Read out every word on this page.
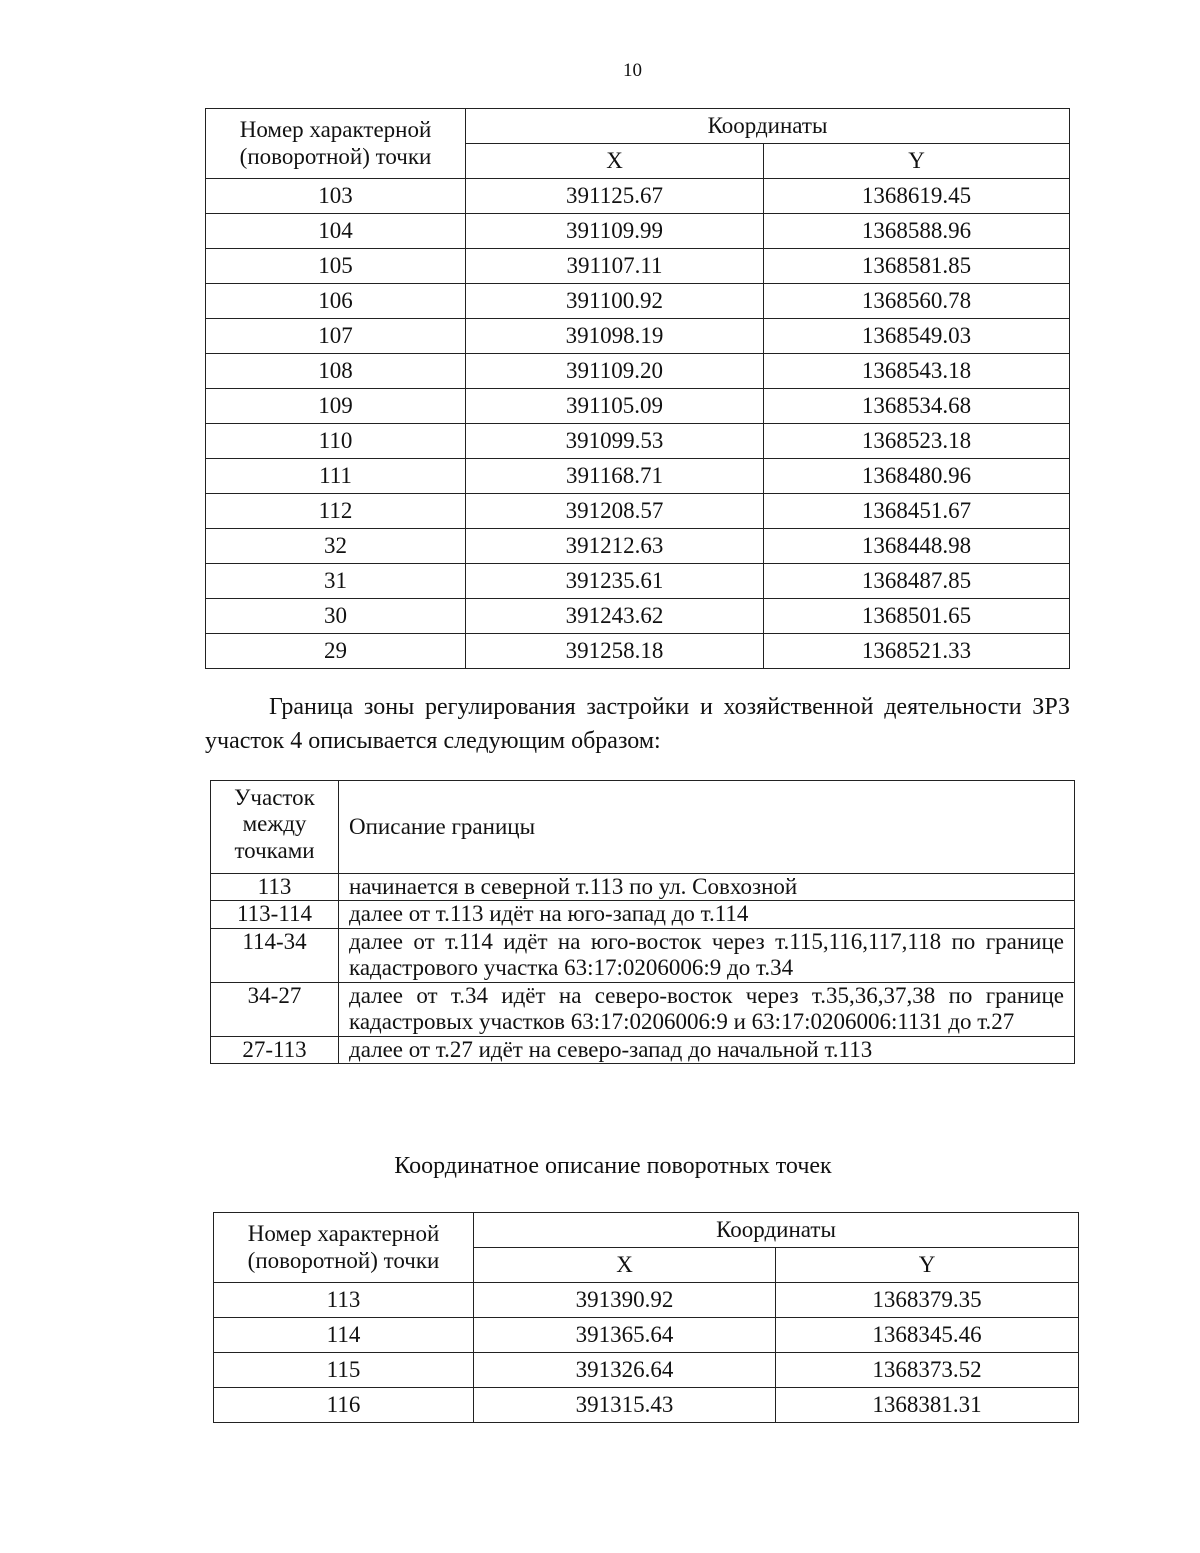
10
Номер характерной (поворотной) точки	Координаты	
	X	Y
103	391125.67	1368619.45
104	391109.99	1368588.96
105	391107.11	1368581.85
106	391100.92	1368560.78
107	391098.19	1368549.03
108	391109.20	1368543.18
109	391105.09	1368534.68
110	391099.53	1368523.18
111	391168.71	1368480.96
112	391208.57	1368451.67
32	391212.63	1368448.98
31	391235.61	1368487.85
30	391243.62	1368501.65
29	391258.18	1368521.33
Граница зоны регулирования застройки и хозяйственной деятельности ЗРЗ участок 4 описывается следующим образом:
Участок между точками	Описание границы
113	начинается в северной т.113 по ул. Совхозной
113-114	далее от т.113 идёт на юго-запад до т.114
114-34	далее от т.114 идёт на юго-восток через т.115,116,117,118 по границе кадастрового участка 63:17:0206006:9 до т.34
34-27	далее от т.34 идёт на северо-восток через т.35,36,37,38 по границе кадастровых участков 63:17:0206006:9 и 63:17:0206006:1131 до т.27
27-113	далее от т.27 идёт на северо-запад до начальной т.113
Координатное описание поворотных точек
Номер характерной (поворотной) точки	Координаты	
	X	Y
113	391390.92	1368379.35
114	391365.64	1368345.46
115	391326.64	1368373.52
116	391315.43	1368381.31
